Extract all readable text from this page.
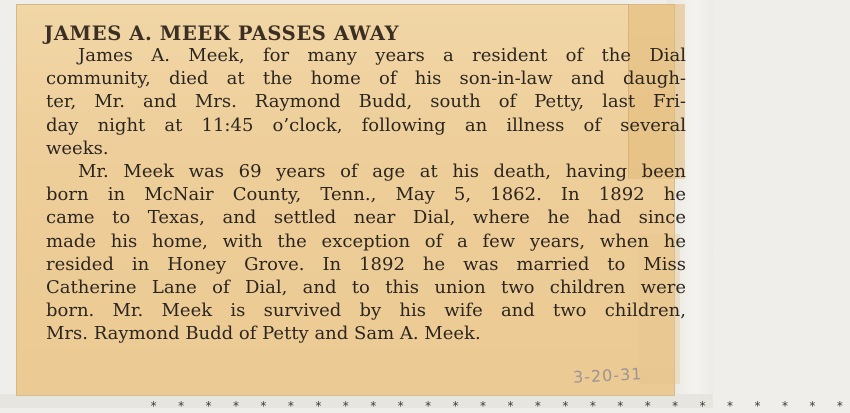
JAMES A. MEEK PASSES AWAY
James A. Meek, for many years a resident of the Dial
community, died at the home of his son-in-law and daugh-
ter, Mr. and Mrs. Raymond Budd, south of Petty, last Fri-
day night at 11:45 o’clock, following an illness of several
weeks.
Mr. Meek was 69 years of age at his death, having been
born in McNair County, Tenn., May 5, 1862. In 1892 he
came to Texas, and settled near Dial, where he had since
made his home, with the exception of a few years, when he
resided in Honey Grove. In 1892 he was married to Miss
Catherine Lane of Dial, and to this union two children were
born. Mr. Meek is survived by his wife and two children,
Mrs. Raymond Budd of Petty and Sam A. Meek.
3-20-31
* * * * * * * * * * * * * * * * * * * * * * * * * *
